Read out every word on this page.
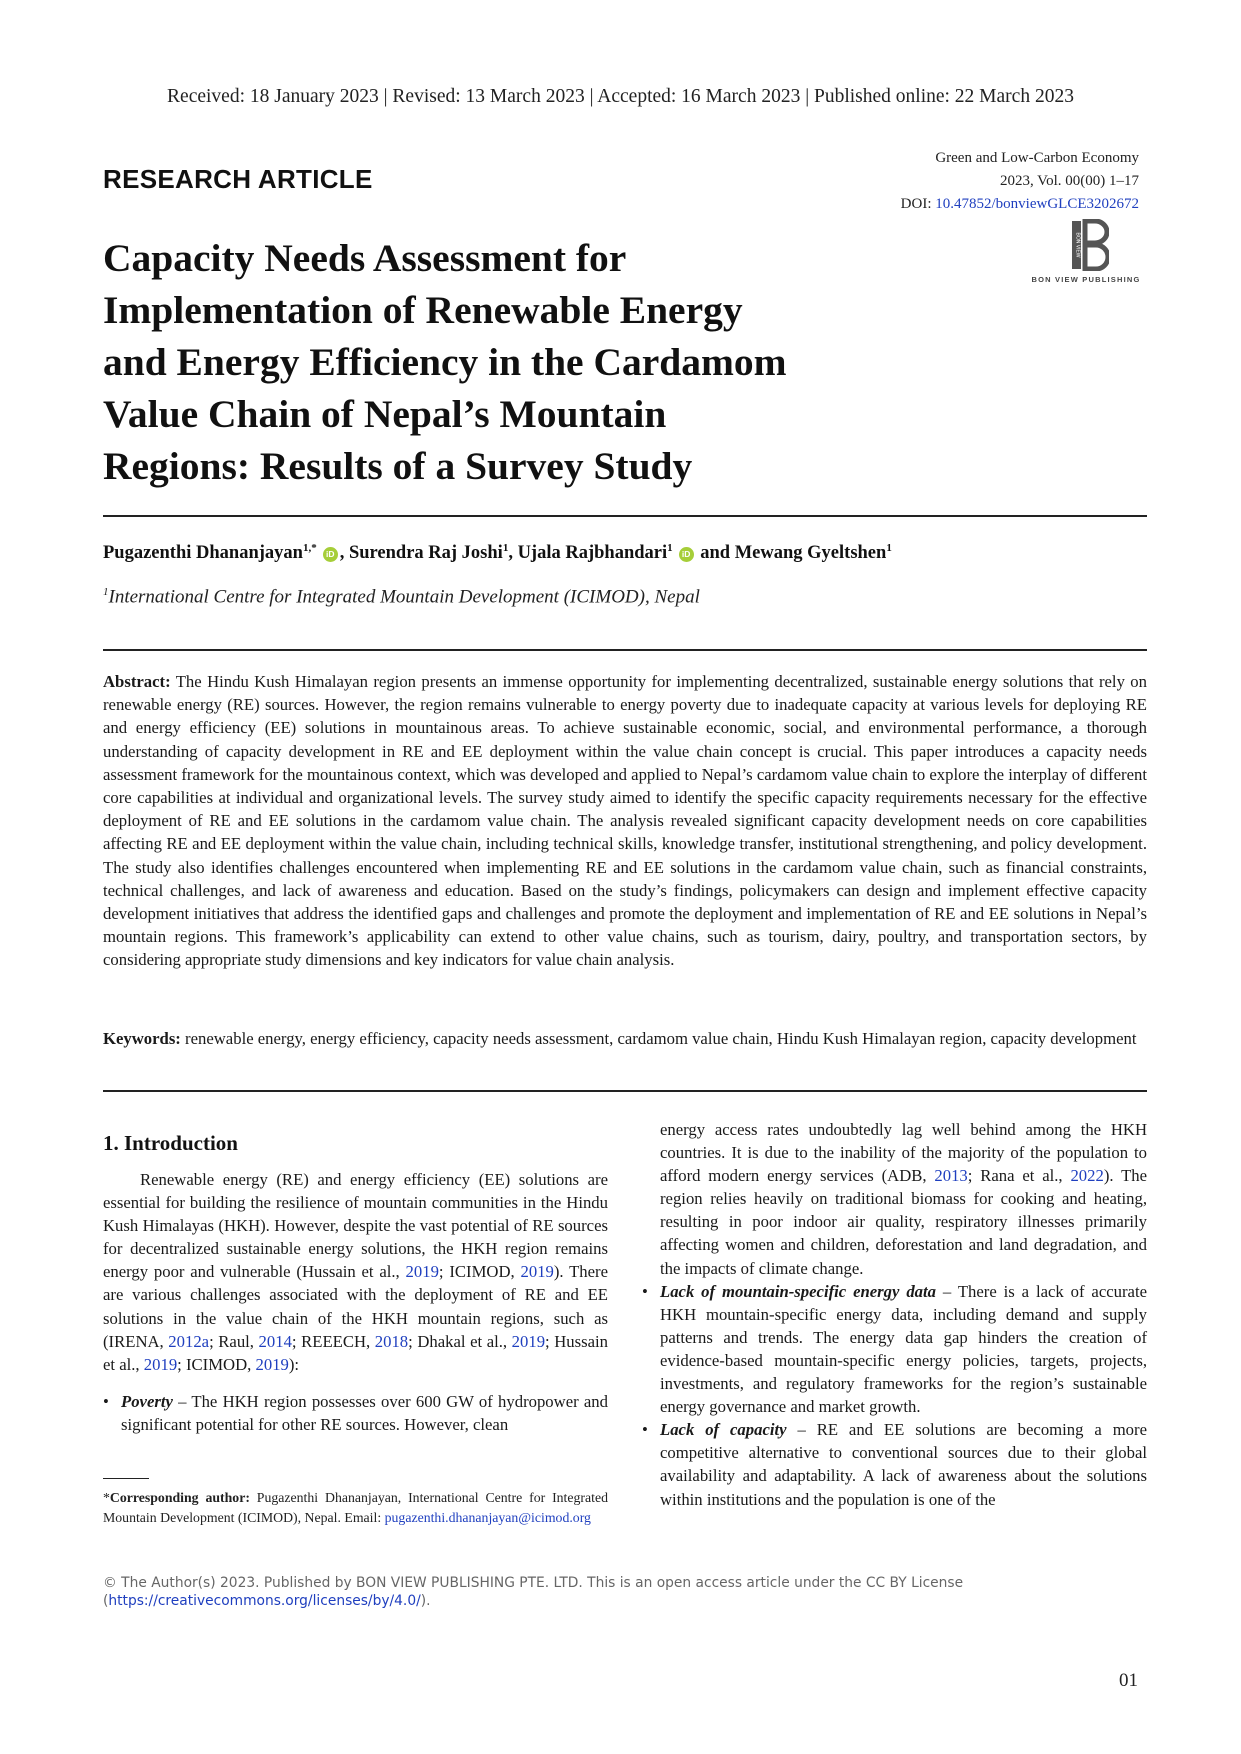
Received: 18 January 2023 | Revised: 13 March 2023 | Accepted: 16 March 2023 | Published online: 22 March 2023
RESEARCH ARTICLE
Green and Low-Carbon Economy
2023, Vol. 00(00) 1–17
DOI: 10.47852/bonviewGLCE3202672
BON VIEW
BON VIEW PUBLISHING
Capacity Needs Assessment for
Implementation of Renewable Energy
and Energy Efficiency in the Cardamom
Value Chain of Nepal’s Mountain
Regions: Results of a Survey Study
Pugazenthi Dhananjayan$^{1,*}$iD , Surendra Raj Joshi$^1$, Ujala Rajbhandari$^1$iD and Mewang Gyeltshen$^1$
$^1$International Centre for Integrated Mountain Development (ICIMOD), Nepal

Abstract: The Hindu Kush Himalayan region presents an immense opportunity for implementing decentralized, sustainable energy solutions that rely on renewable energy (RE) sources. However, the region remains vulnerable to energy poverty due to inadequate capacity at various levels for deploying RE and energy efficiency (EE) solutions in mountainous areas. To achieve sustainable economic, social, and environmental performance, a thorough understanding of capacity development in RE and EE deployment within the value chain concept is crucial. This paper introduces a capacity needs assessment framework for the mountainous context, which was developed and applied to Nepal’s cardamom value chain to explore the interplay of different core capabilities at individual and organizational levels. The survey study aimed to identify the specific capacity requirements necessary for the effective deployment of RE and EE solutions in the cardamom value chain. The analysis revealed significant capacity development needs on core capabilities affecting RE and EE deployment within the value chain, including technical skills, knowledge transfer, institutional strengthening, and policy development. The study also identifies challenges encountered when implementing RE and EE solutions in the cardamom value chain, such as financial constraints, technical challenges, and lack of awareness and education. Based on the study’s findings, policymakers can design and implement effective capacity development initiatives that address the identified gaps and challenges and promote the deployment and implementation of RE and EE solutions in Nepal’s mountain regions. This framework’s applicability can extend to other value chains, such as tourism, dairy, poultry, and transportation sectors, by considering appropriate study dimensions and key indicators for value chain analysis.

Keywords: renewable energy, energy efficiency, capacity needs assessment, cardamom value chain, Hindu Kush Himalayan region, capacity development

1. Introduction

Renewable energy (RE) and energy efficiency (EE) solutions are essential for building the resilience of mountain communities in the Hindu Kush Himalayas (HKH). However, despite the vast potential of RE sources for decentralized sustainable energy solutions, the HKH region remains energy poor and vulnerable (Hussain et al., 2019; ICIMOD, 2019). There are various challenges associated with the deployment of RE and EE solutions in the value chain of the HKH mountain regions, such as (IRENA, 2012a; Raul, 2014; REEECH, 2018; Dhakal et al., 2019; Hussain et al., 2019; ICIMOD, 2019):

• Poverty – The HKH region possesses over 600 GW of hydropower and significant potential for other RE sources. However, clean

energy access rates undoubtedly lag well behind among the HKH countries. It is due to the inability of the majority of the population to afford modern energy services (ADB, 2013; Rana et al., 2022). The region relies heavily on traditional biomass for cooking and heating, resulting in poor indoor air quality, respiratory illnesses primarily affecting women and children, deforestation and land degradation, and the impacts of climate change.

• Lack of mountain-specific energy data – There is a lack of accurate HKH mountain-specific energy data, including demand and supply patterns and trends. The energy data gap hinders the creation of evidence-based mountain-specific energy policies, targets, projects, investments, and regulatory frameworks for the region’s sustainable energy governance and market growth.

• Lack of capacity – RE and EE solutions are becoming a more competitive alternative to conventional sources due to their global availability and adaptability. A lack of awareness about the solutions within institutions and the population is one of the

*Corresponding author: Pugazenthi Dhananjayan, International Centre for Integrated Mountain Development (ICIMOD), Nepal. Email: pugazenthi.dhananjayan@icimod.org

© The Author(s) 2023. Published by BON VIEW PUBLISHING PTE. LTD. This is an open access article under the CC BY License (https://creativecommons.org/licenses/by/4.0/).

01
